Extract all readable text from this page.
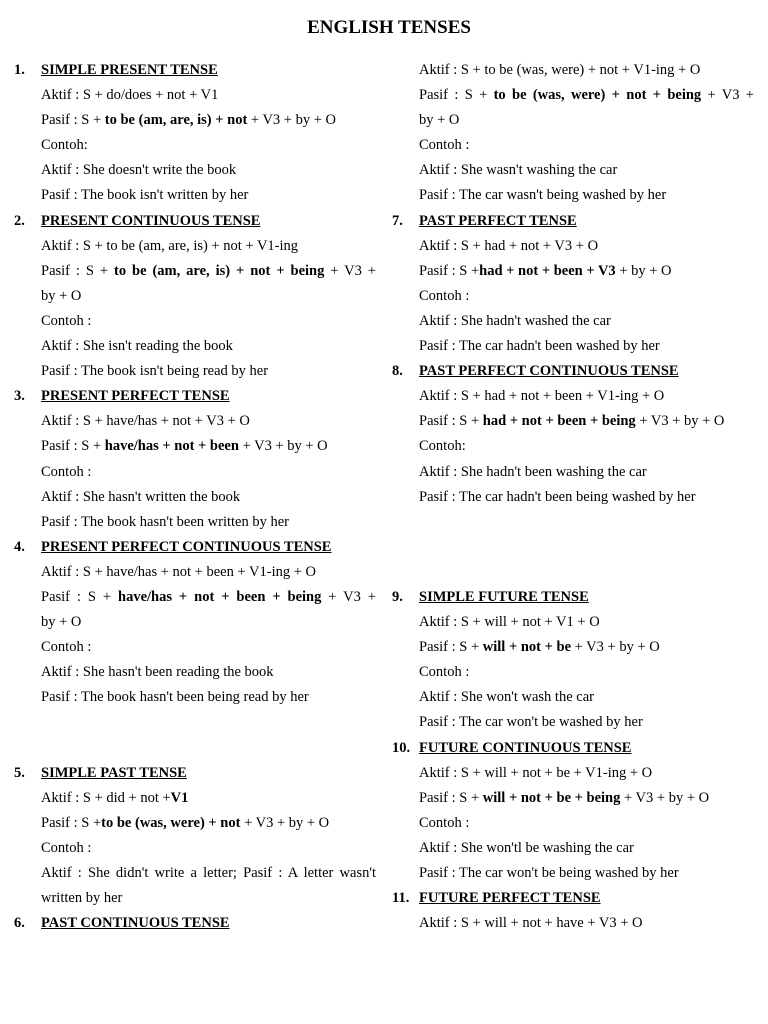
ENGLISH TENSES
1. SIMPLE PRESENT TENSE
Aktif : S + do/does + not + V1
Pasif : S + to be (am, are, is) + not + V3 + by + O
Contoh:
Aktif : She doesn't write the book
Pasif : The book isn't written by her
2. PRESENT CONTINUOUS TENSE
Aktif : S + to be (am, are, is) + not + V1-ing
Pasif : S + to be (am, are, is) + not + being + V3 +
by + O
Contoh :
Aktif : She isn't reading the book
Pasif : The book isn't being read by her
3. PRESENT PERFECT TENSE
Aktif : S + have/has + not + V3 + O
Pasif : S + have/has + not + been + V3 + by + O
Contoh :
Aktif : She hasn't written the book
Pasif : The book hasn't been written by her
4. PRESENT PERFECT CONTINUOUS TENSE
Aktif : S + have/has + not + been + V1-ing + O
Pasif : S + have/has + not + been + being + V3 +
by + O
Contoh :
Aktif : She hasn't been reading the book
Pasif : The book hasn't been being read by her
5. SIMPLE PAST TENSE
Aktif : S + did + not +V1
Pasif : S +to be (was, were) + not + V3 + by + O
Contoh :
Aktif : She didn't write a letter; Pasif : A letter wasn't
written by her
6. PAST CONTINUOUS TENSE
Aktif : S + to be (was, were) + not + V1-ing + O
Pasif : S + to be (was, were) + not + being + V3 +
by + O
Contoh :
Aktif : She wasn't washing the car
Pasif : The car wasn't being washed by her
7. PAST PERFECT TENSE
Aktif : S + had + not + V3 + O
Pasif : S +had + not + been + V3 + by + O
Contoh :
Aktif : She hadn't washed the car
Pasif : The car hadn't been washed by her
8. PAST PERFECT CONTINUOUS TENSE
Aktif : S + had + not + been + V1-ing + O
Pasif : S + had + not + been + being + V3 + by + O
Contoh:
Aktif : She hadn't been washing the car
Pasif : The car hadn't been being washed by her
9. SIMPLE FUTURE TENSE
Aktif : S + will + not + V1 + O
Pasif : S + will + not + be + V3 + by + O
Contoh :
Aktif : She won't wash the car
Pasif : The car won't be washed by her
10. FUTURE CONTINUOUS TENSE
Aktif : S + will + not + be + V1-ing + O
Pasif : S + will + not + be + being + V3 + by + O
Contoh :
Aktif : She won'tl be washing the car
Pasif : The car won't be being washed by her
11. FUTURE PERFECT TENSE
Aktif : S + will + not + have + V3 + O
